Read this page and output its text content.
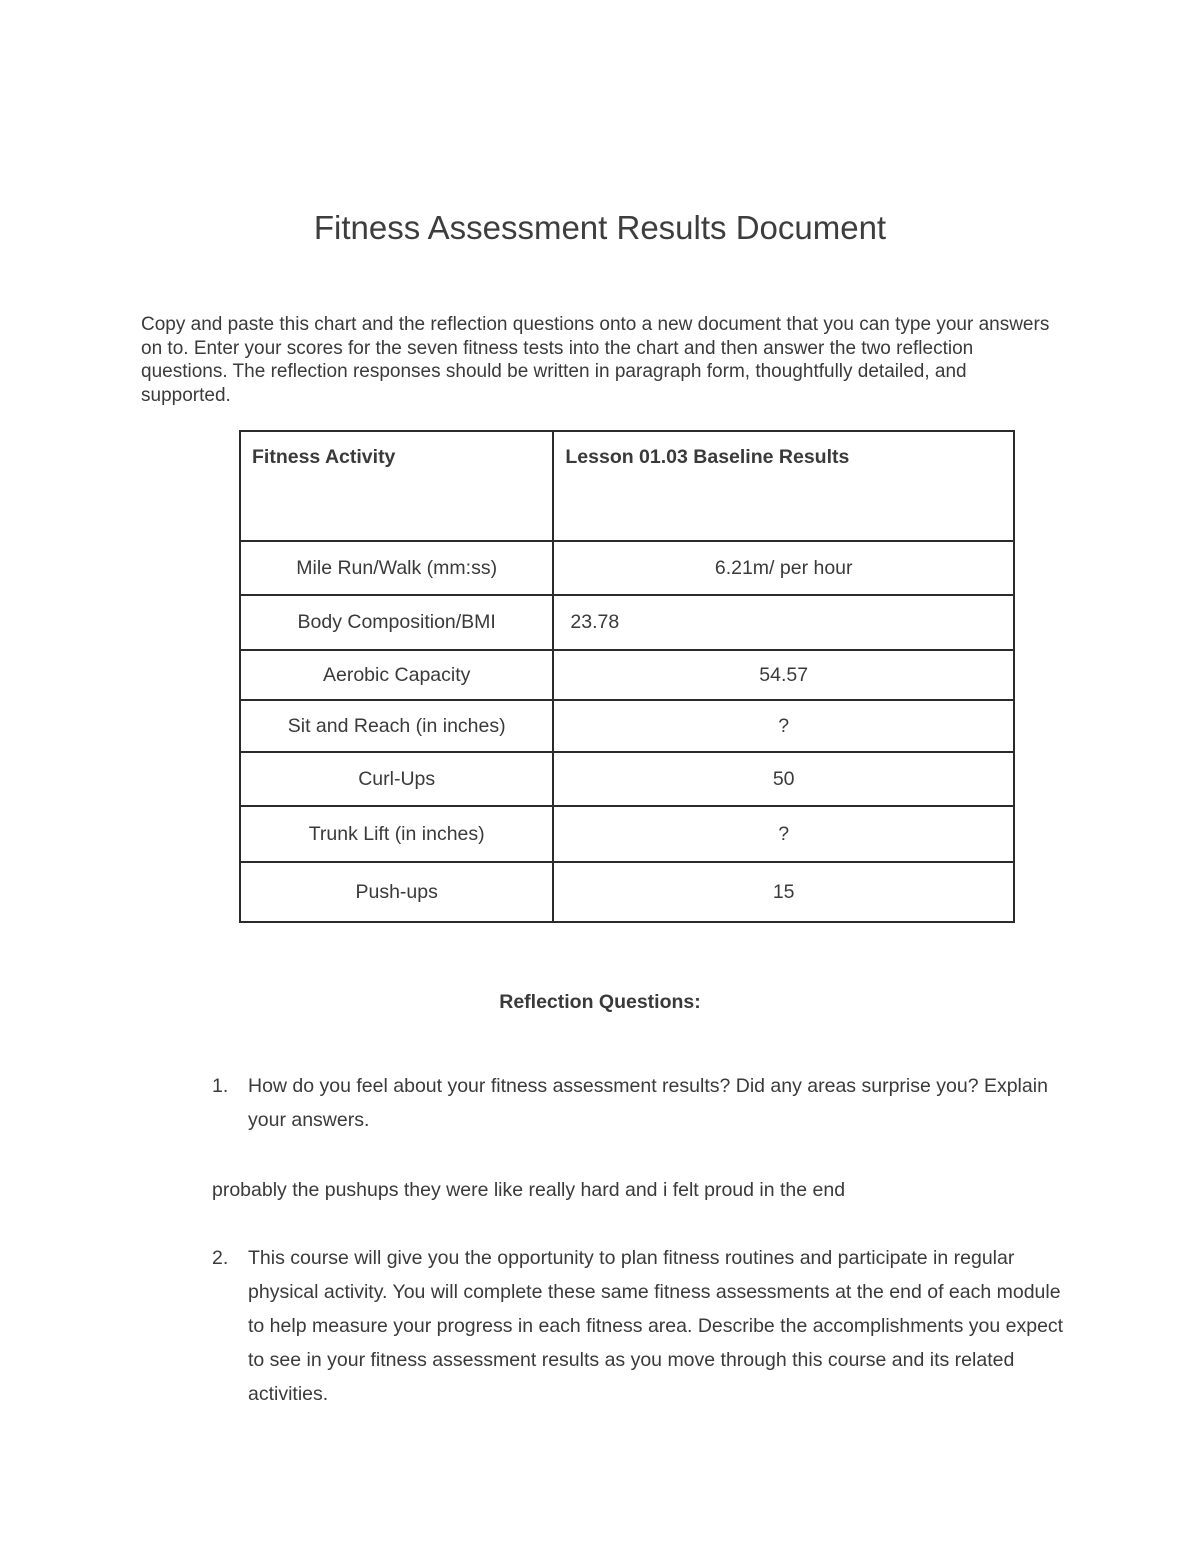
Fitness Assessment Results Document

Copy and paste this chart and the reflection questions onto a new document that you can type your answers on to. Enter your scores for the seven fitness tests into the chart and then answer the two reflection questions. The reflection responses should be written in paragraph form, thoughtfully detailed, and supported.

Fitness Activity	Lesson 01.03 Baseline Results
Mile Run/Walk (mm:ss)	6.21m/ per hour
Body Composition/BMI	23.78
Aerobic Capacity	54.57
Sit and Reach (in inches)	?
Curl-Ups	50
Trunk Lift (in inches)	?
Push-ups	15
Reflection Questions:
1.	How do you feel about your fitness assessment results? Did any areas surprise you? Explain your answers.

probably the pushups they were like really hard and i felt proud in the end

2.	This course will give you the opportunity to plan fitness routines and participate in regular physical activity. You will complete these same fitness assessments at the end of each module to help measure your progress in each fitness area. Describe the accomplishments you expect to see in your fitness assessment results as you move through this course and its related activities.
